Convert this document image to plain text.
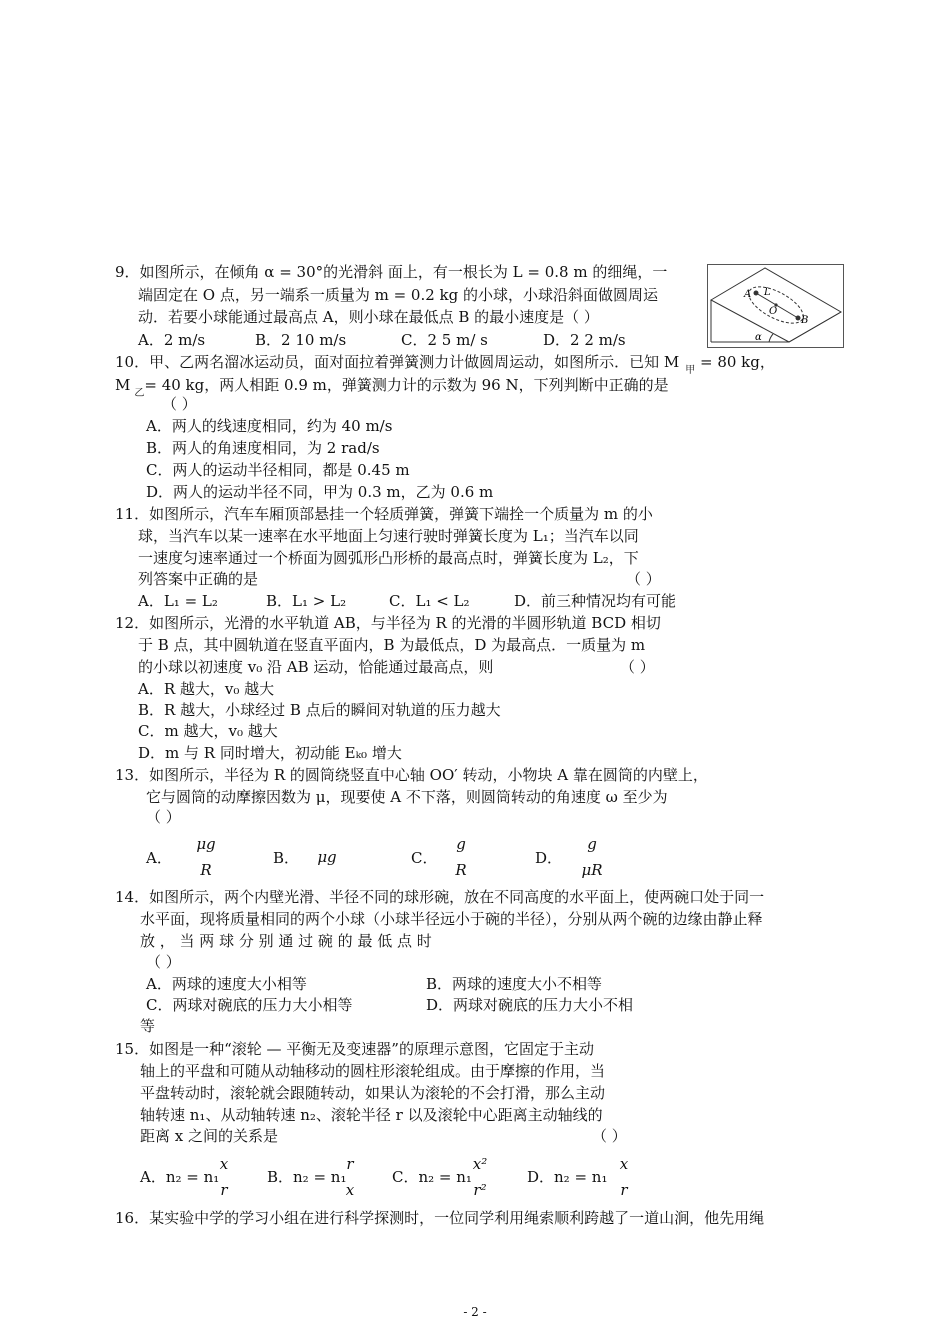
9．如图所示，在倾角 α = 30°的光滑斜 面上，有一根长为 L = 0.8 m 的细绳，一
端固定在 O 点，另一端系一质量为 m = 0.2 kg 的小球，小球沿斜面做圆周运
动．若要小球能通过最高点 A，则小球在最低点 B 的最小速度是（ ）
A．2 m/s	B．2 10 m/s	C．2 5 m/ s	D．2 2 m/s
A L
O
B
α
10．甲、乙两名溜冰运动员，面对面拉着弹簧测力计做圆周运动，如图所示．已知 M $_甲$ = 80 kg，
M $_乙$= 40 kg，两人相距 0.9 m，弹簧测力计的示数为 96 N，下列判断中正确的是
（ ）
A．两人的线速度相同，约为 40 m/s
B．两人的角速度相同，为 2 rad/s
C．两人的运动半径相同，都是 0.45 m
D．两人的运动半径不同，甲为 0.3 m，乙为 0.6 m
11．如图所示，汽车车厢顶部悬挂一个轻质弹簧，弹簧下端拴一个质量为 m 的小
球，当汽车以某一速率在水平地面上匀速行驶时弹簧长度为 L₁；当汽车以同
一速度匀速率通过一个桥面为圆弧形凸形桥的最高点时，弹簧长度为 L₂，下
列答案中正确的是	（ ）
A．L₁ = L₂	B．L₁ > L₂	C．L₁ < L₂	D．前三种情况均有可能
12．如图所示，光滑的水平轨道 AB，与半径为 R 的光滑的半圆形轨道 BCD 相切
于 B 点，其中圆轨道在竖直平面内，B 为最低点，D 为最高点．一质量为 m
的小球以初速度 v₀ 沿 AB 运动，恰能通过最高点，则	（ ）
A．R 越大，v₀ 越大
B．R 越大，小球经过 B 点后的瞬间对轨道的压力越大
C．m 越大，v₀ 越大
D．m 与 R 同时增大，初动能 Eₖ₀ 增大
13．如图所示，半径为 R 的圆筒绕竖直中心轴 OO′ 转动，小物块 A 靠在圆筒的内壁上，
它与圆筒的动摩擦因数为 μ，现要使 A 不下落，则圆筒转动的角速度 ω 至少为
（ ）
A．
μg
R
B．	μg	C．
g
R
D．
g
μR
14．如图所示，两个内壁光滑、半径不同的球形碗，放在不同高度的水平面上，使两碗口处于同一
水平面，现将质量相同的两个小球（小球半径远小于碗的半径），分别从两个碗的边缘由静止释
放 ， 当 两 球 分 别 通 过 碗 的 最 低 点 时
（ ）
A．两球的速度大小相等	B．两球的速度大小不相等
C．两球对碗底的压力大小相等	D．两球对碗底的压力大小不相
等
15．如图是一种“滚轮 — 平衡无及变速器”的原理示意图，它固定于主动
轴上的平盘和可随从动轴移动的圆柱形滚轮组成。由于摩擦的作用，当
平盘转动时，滚轮就会跟随转动，如果认为滚轮的不会打滑，那么主动
轴转速 n₁、从动轴转速 n₂、滚轮半径 r 以及滚轮中心距离主动轴线的
距离 x 之间的关系是	（ ）
A．n₂ = n₁
x
r
B．n₂ = n₁
r
x
C．n₂ = n₁
x²
r²
D．n₂ = n₁
x
r
16．某实验中学的学习小组在进行科学探测时，一位同学利用绳索顺利跨越了一道山涧，他先用绳
- 2 -
